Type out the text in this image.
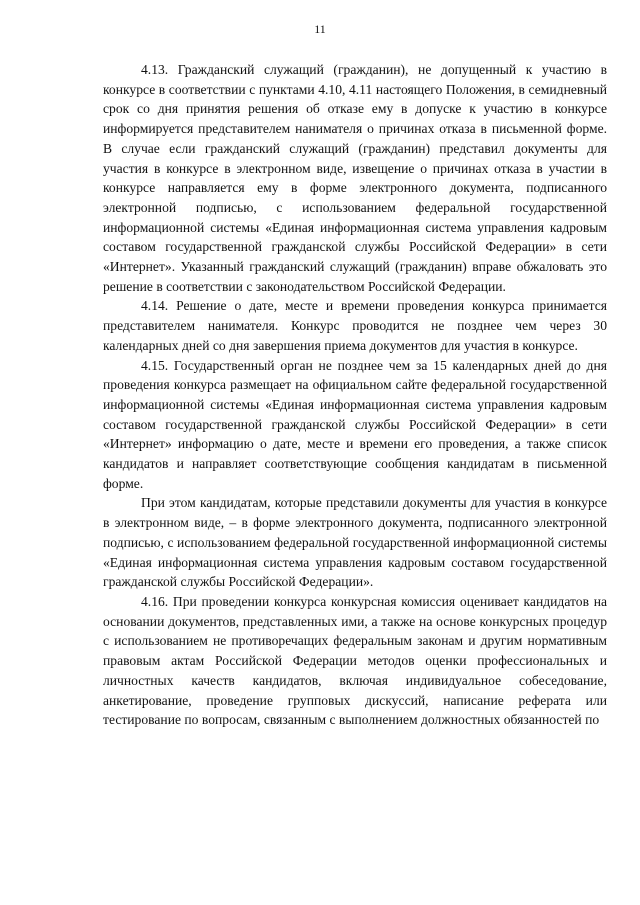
11

4.13. Гражданский служащий (гражданин), не допущенный к участию в конкурсе в соответствии с пунктами 4.10, 4.11 настоящего Положения, в семидневный срок со дня принятия решения об отказе ему в допуске к участию в конкурсе информируется представителем нанимателя о причинах отказа в письменной форме. В случае если гражданский служащий (гражданин) представил документы для участия в конкурсе в электронном виде, извещение о причинах отказа в участии в конкурсе направляется ему в форме электронного документа, подписанного электронной подписью, с использованием федеральной государственной информационной системы «Единая информационная система управления кадровым составом государственной гражданской службы Российской Федерации» в сети «Интернет». Указанный гражданский служащий (гражданин) вправе обжаловать это решение в соответствии с законодательством Российской Федерации.

4.14. Решение о дате, месте и времени проведения конкурса принимается представителем нанимателя. Конкурс проводится не позднее чем через 30 календарных дней со дня завершения приема документов для участия в конкурсе.

4.15. Государственный орган не позднее чем за 15 календарных дней до дня проведения конкурса размещает на официальном сайте федеральной государственной информационной системы «Единая информационная система управления кадровым составом государственной гражданской службы Российской Федерации» в сети «Интернет» информацию о дате, месте и времени его проведения, а также список кандидатов и направляет соответствующие сообщения кандидатам в письменной форме.

При этом кандидатам, которые представили документы для участия в конкурсе в электронном виде, – в форме электронного документа, подписанного электронной подписью, с использованием федеральной государственной информационной системы «Единая информационная система управления кадровым составом государственной гражданской службы Российской Федерации».

4.16. При проведении конкурса конкурсная комиссия оценивает кандидатов на основании документов, представленных ими, а также на основе конкурсных процедур с использованием не противоречащих федеральным законам и другим нормативным правовым актам Российской Федерации методов оценки профессиональных и личностных качеств кандидатов, включая индивидуальное собеседование, анкетирование, проведение групповых дискуссий, написание реферата или тестирование по вопросам, связанным с выполнением должностных обязанностей по
